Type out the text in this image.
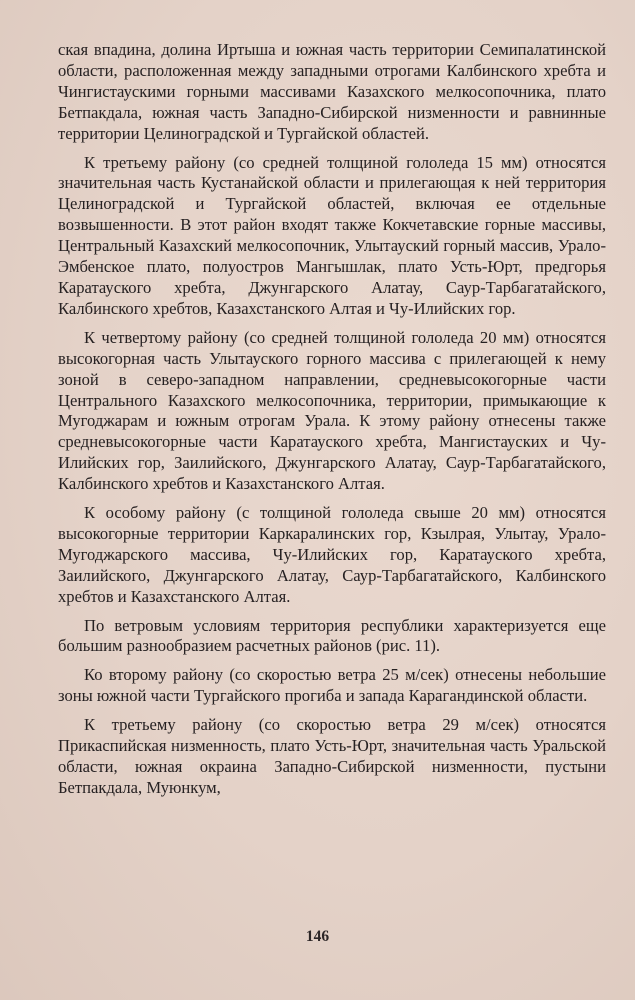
ская впадина, долина Иртыша и южная часть территории Семипалатинской области, расположенная между западными отрогами Калбинского хребта и Чингистаускими горными массивами Казахского мелкосопочника, плато Бетпакдала, южная часть Западно-Сибирской низменности и равнинные территории Целиноградской и Тургайской областей.

К третьему району (со средней толщиной гололеда 15 мм) относятся значительная часть Кустанайской области и прилегающая к ней территория Целиноградской и Тургайской областей, включая ее отдельные возвышенности. В этот район входят также Кокчетавские горные массивы, Центральный Казахский мелкосопочник, Улытауский горный массив, Урало-Эмбенское плато, полуостров Мангышлак, плато Усть-Юрт, предгорья Каратауского хребта, Джунгарского Алатау, Саур-Тарбагатайского, Калбинского хребтов, Казахстанского Алтая и Чу-Илийских гор.

К четвертому району (со средней толщиной гололеда 20 мм) относятся высокогорная часть Улытауского горного массива с прилегающей к нему зоной в северо-западном направлении, средневысокогорные части Центрального Казахского мелкосопочника, территории, примыкающие к Мугоджарам и южным отрогам Урала. К этому району отнесены также средневысокогорные части Каратауского хребта, Мангистауских и Чу-Илийских гор, Заилийского, Джунгарского Алатау, Саур-Тарбагатайского, Калбинского хребтов и Казахстанского Алтая.

К особому району (с толщиной гололеда свыше 20 мм) относятся высокогорные территории Каркаралинских гор, Кзылрая, Улытау, Урало-Мугоджарского массива, Чу-Илийских гор, Каратауского хребта, Заилийского, Джунгарского Алатау, Саур-Тарбагатайского, Калбинского хребтов и Казахстанского Алтая.

По ветровым условиям территория республики характеризуется еще большим разнообразием расчетных районов (рис. 11).

Ко второму району (со скоростью ветра 25 м/сек) отнесены небольшие зоны южной части Тургайского прогиба и запада Карагандинской области.

К третьему району (со скоростью ветра 29 м/сек) относятся Прикаспийская низменность, плато Усть-Юрт, значительная часть Уральской области, южная окраина Западно-Сибирской низменности, пустыни Бетпакдала, Муюнкум,

146
